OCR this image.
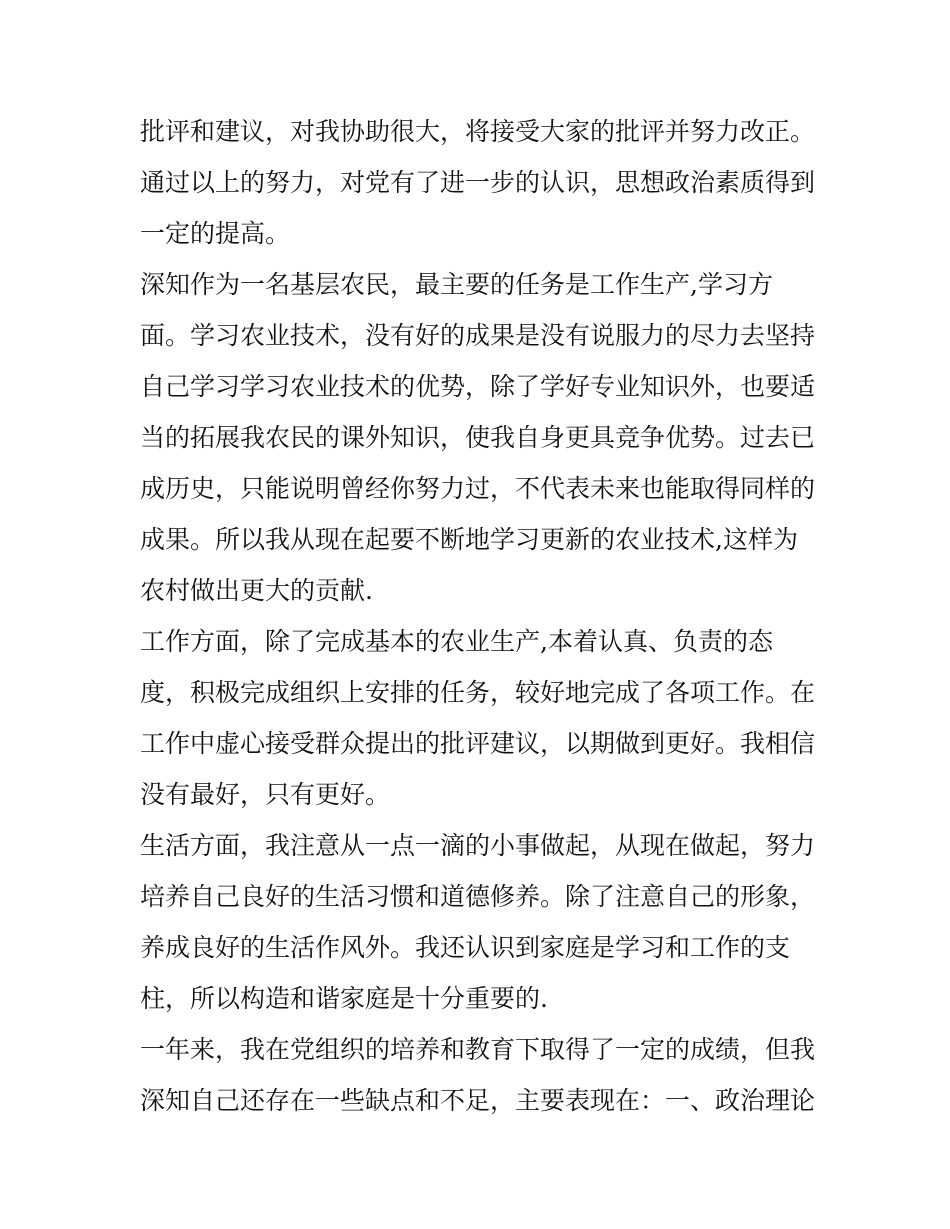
批评和建议，对我协助很大，将接受大家的批评并努力改正。
通过以上的努力，对党有了进一步的认识，思想政治素质得到
一定的提高。
深知作为一名基层农民，最主要的任务是工作生产,学习方
面。学习农业技术，没有好的成果是没有说服力的尽力去坚持
自己学习学习农业技术的优势，除了学好专业知识外，也要适
当的拓展我农民的课外知识，使我自身更具竞争优势。过去已
成历史，只能说明曾经你努力过，不代表未来也能取得同样的
成果。所以我从现在起要不断地学习更新的农业技术,这样为
农村做出更大的贡献.
工作方面，除了完成基本的农业生产,本着认真、负责的态
度，积极完成组织上安排的任务，较好地完成了各项工作。在
工作中虚心接受群众提出的批评建议，以期做到更好。我相信
没有最好，只有更好。
生活方面，我注意从一点一滴的小事做起，从现在做起，努力
培养自己良好的生活习惯和道德修养。除了注意自己的形象，
养成良好的生活作风外。我还认识到家庭是学习和工作的支
柱，所以构造和谐家庭是十分重要的.
一年来，我在党组织的培养和教育下取得了一定的成绩，但我
深知自己还存在一些缺点和不足，主要表现在：一、政治理论
